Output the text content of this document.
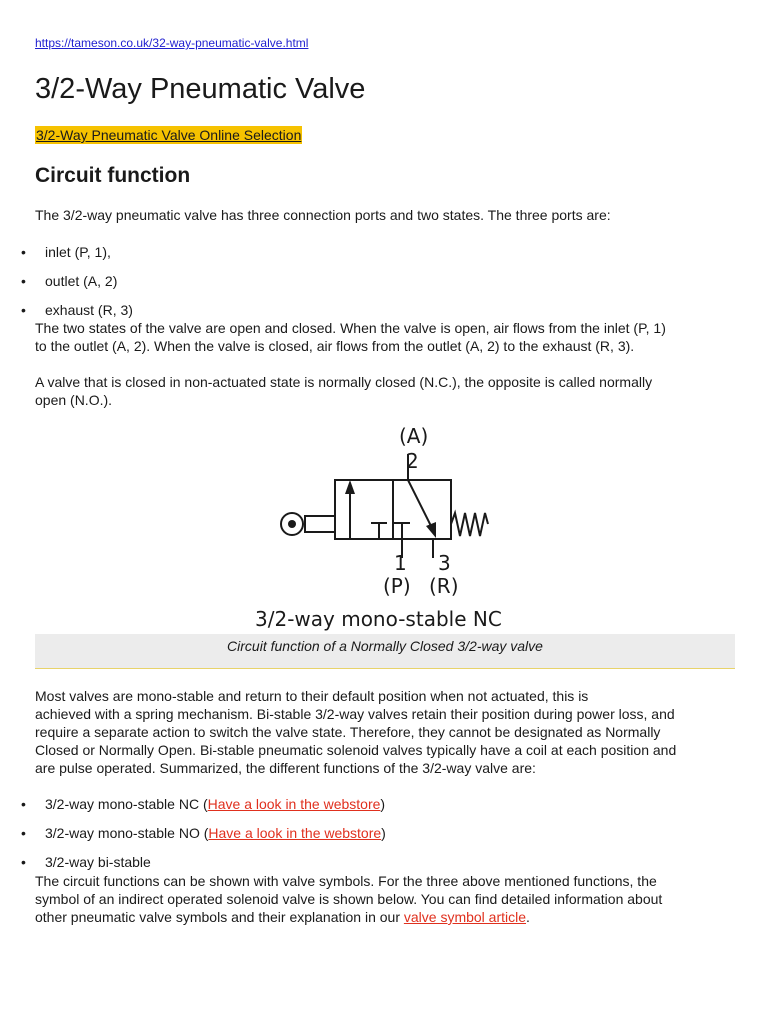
https://tameson.co.uk/32-way-pneumatic-valve.html
3/2-Way Pneumatic Valve
3/2-Way Pneumatic Valve Online Selection
Circuit function

The 3/2-way pneumatic valve has three connection ports and two states. The three ports are:

• inlet (P, 1),
• outlet (A, 2)
• exhaust (R, 3)

The two states of the valve are open and closed. When the valve is open, air flows from the inlet (P, 1)
to the outlet (A, 2). When the valve is closed, air flows from the outlet (A, 2) to the exhaust (R, 3).

A valve that is closed in non-actuated state is normally closed (N.C.), the opposite is called normally
open (N.O.).

(A)
2
1 3
(P) (R)
3/2-way mono-stable NC
Circuit function of a Normally Closed 3/2-way valve

Most valves are mono-stable and return to their default position when not actuated, this is
achieved with a spring mechanism. Bi-stable 3/2-way valves retain their position during power loss, and
require a separate action to switch the valve state. Therefore, they cannot be designated as Normally
Closed or Normally Open. Bi-stable pneumatic solenoid valves typically have a coil at each position and
are pulse operated. Summarized, the different functions of the 3/2-way valve are:

• 3/2-way mono-stable NC (Have a look in the webstore)
• 3/2-way mono-stable NO (Have a look in the webstore)
• 3/2-way bi-stable

The circuit functions can be shown with valve symbols. For the three above mentioned functions, the
symbol of an indirect operated solenoid valve is shown below. You can find detailed information about
other pneumatic valve symbols and their explanation in our valve symbol article.
